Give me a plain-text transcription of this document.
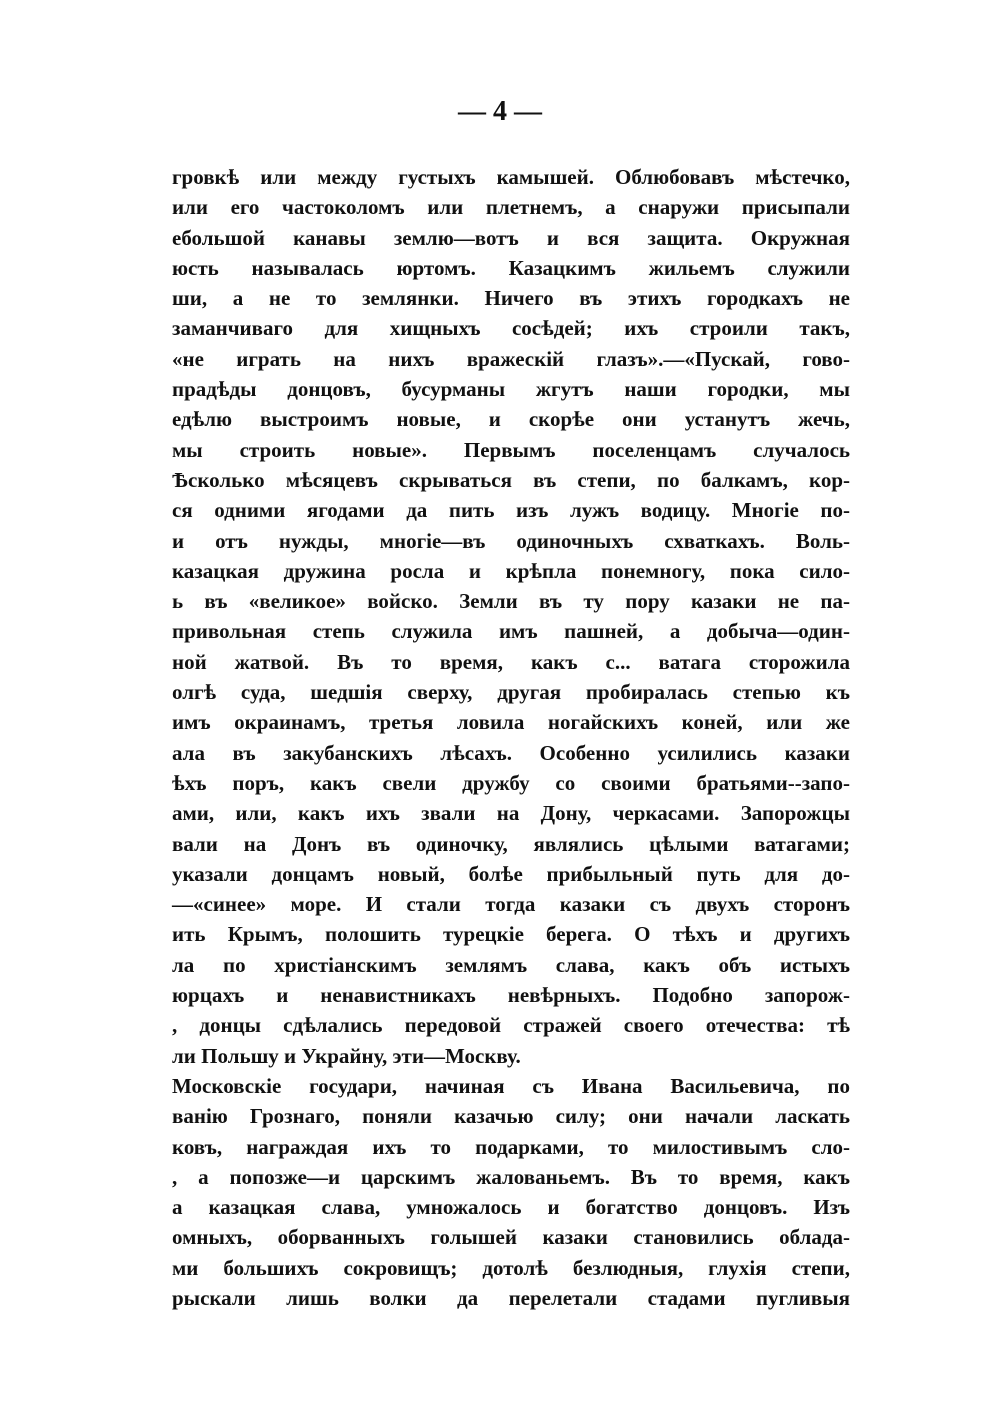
— 4 —
гровкѣ или между густыхъ камышей. Облюбовавъ мѣстечко,
или его частоколомъ или плетнемъ, а снаружи присыпали
ебольшой канавы землю—вотъ и вся защита. Окружная
юсть называлась юртомъ. Казацкимъ жильемъ служили
ши, а не то землянки. Ничего въ этихъ городкахъ не
заманчиваго для хищныхъ сосѣдей; ихъ строили такъ,
«не играть на нихъ вражескій глазъ».—«Пускай, гово-
прадѣды донцовъ, бусурманы жгутъ наши городки, мы
едѣлю выстроимъ новые, и скорѣе они устанутъ жечь,
мы строить новые». Первымъ поселенцамъ случалось
Ѣсколько мѣсяцевъ скрываться въ степи, по балкамъ, кор-
ся одними ягодами да пить изъ лужъ водицу. Многіе по-
и отъ нужды, многіе—въ одиночныхъ схваткахъ. Воль-
казацкая дружина росла и крѣпла понемногу, пока сило-
ь въ «великое» войско. Земли въ ту пору казаки не па-
привольная степь служила имъ пашней, а добыча—один-
ной жатвой. Въ то время, какъ с... ватага сторожила
олгѣ суда, шедшія сверху, другая пробиралась степью къ
имъ окраинамъ, третья ловила ногайскихъ коней, или же
ала въ закубанскихъ лѣсахъ. Особенно усилились казаки
ѣхъ поръ, какъ свели дружбу со своими братьями--запо-
ами, или, какъ ихъ звали на Дону, черкасами. Запорожцы
вали на Донъ въ одиночку, являлись цѣлыми ватагами;
указали донцамъ новый, болѣе прибыльный путь для до-
—«синее» море. И стали тогда казаки съ двухъ сторонъ
ить Крымъ, полошить турецкіе берега. О тѣхъ и другихъ
ла по христіанскимъ землямъ слава, какъ объ истыхъ
юрцахъ и ненавистникахъ невѣрныхъ. Подобно запорож-
, донцы сдѣлались передовой стражей своего отечества: тѣ
ли Польшу и Украйну, эти—Москву.
Московскіе государи, начиная съ Ивана Васильевича, по
ванію Грознаго, поняли казачью силу; они начали ласкать
ковъ, награждая ихъ то подарками, то милостивымъ сло-
, а попозже—и царскимъ жалованьемъ. Въ то время, какъ
а казацкая слава, умножалось и богатство донцовъ. Изъ
омныхъ, оборванныхъ голышей казаки становились облада-
ми большихъ сокровищъ; дотолѣ безлюдныя, глухія степи,
рыскали лишь волки да перелетали стадами пугливыя
